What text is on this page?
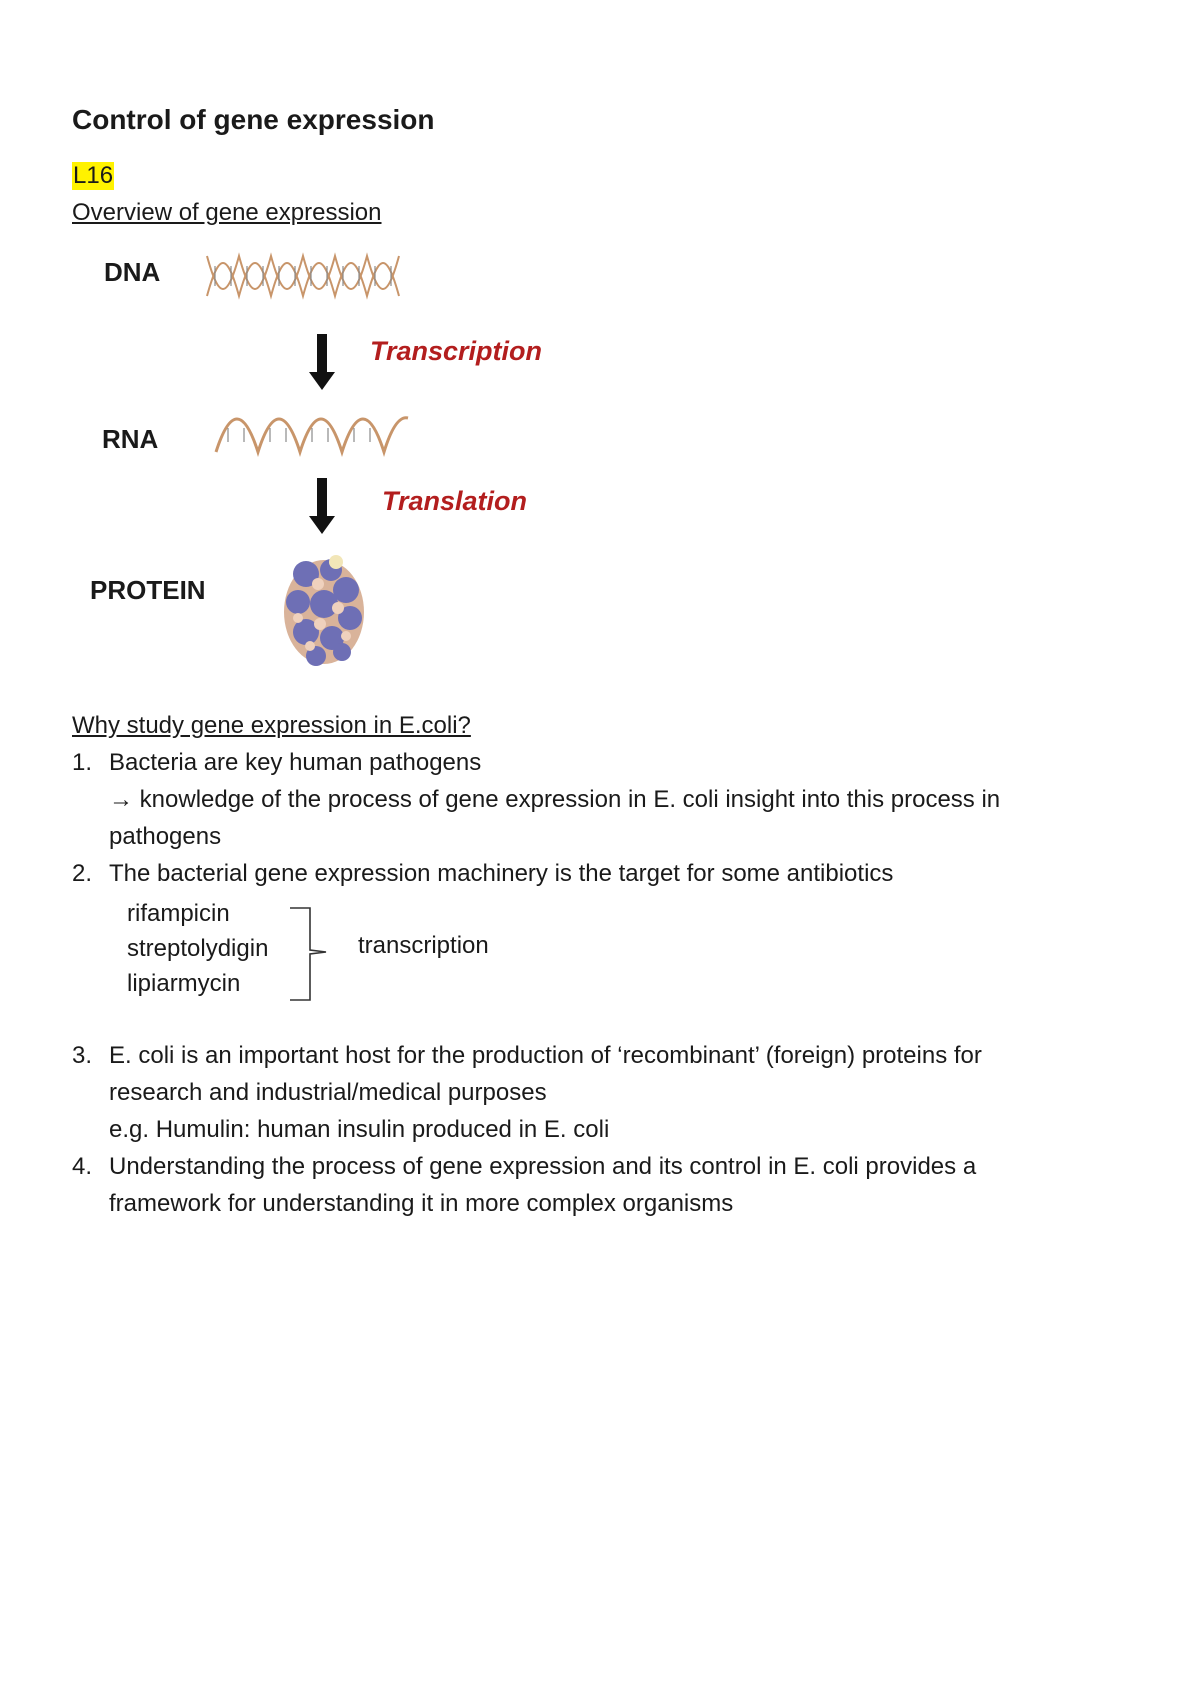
Control of gene expression
L16
Overview of gene expression
DNA
Transcription
RNA
Translation
PROTEIN
Why study gene expression in E.coli?
1. Bacteria are key human pathogens
→ knowledge of the process of gene expression in E. coli insight into this process in
pathogens
2. The bacterial gene expression machinery is the target for some antibiotics
rifampicin
streptolydigin
lipiarmycin
transcription
3. E. coli is an important host for the production of ‘recombinant’ (foreign) proteins for
research and industrial/medical purposes
e.g. Humulin: human insulin produced in E. coli
4. Understanding the process of gene expression and its control in E. coli provides a
framework for understanding it in more complex organisms
